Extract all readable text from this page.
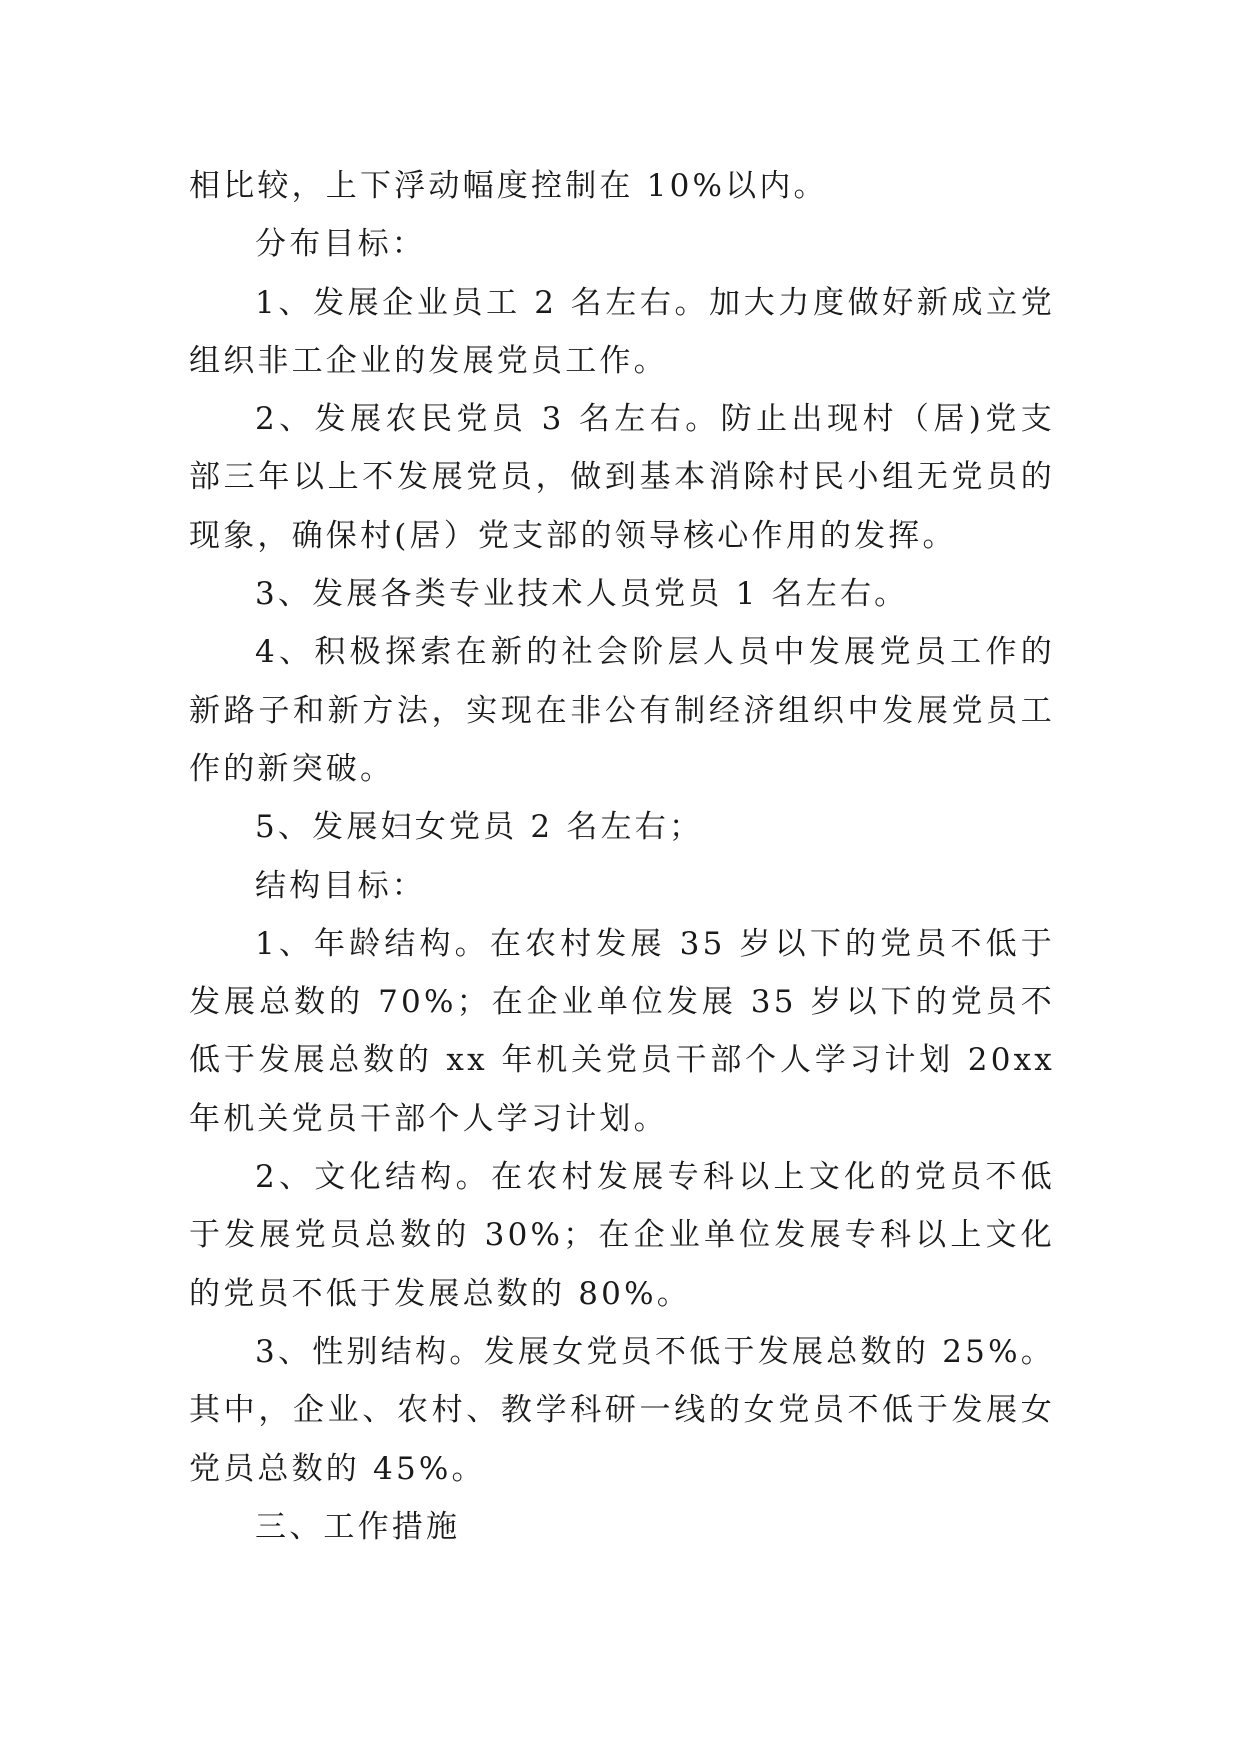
相比较，上下浮动幅度控制在 10%以内。

分布目标：

1、发展企业员工 2 名左右。加大力度做好新成立党组织非工企业的发展党员工作。

2、发展农民党员 3 名左右。防止出现村（居)党支部三年以上不发展党员，做到基本消除村民小组无党员的现象，确保村(居）党支部的领导核心作用的发挥。

3、发展各类专业技术人员党员 1 名左右。

4、积极探索在新的社会阶层人员中发展党员工作的新路子和新方法，实现在非公有制经济组织中发展党员工作的新突破。

5、发展妇女党员 2 名左右；

结构目标：

1、年龄结构。在农村发展 35 岁以下的党员不低于发展总数的 70%；在企业单位发展 35 岁以下的党员不低于发展总数的 xx 年机关党员干部个人学习计划 20xx 年机关党员干部个人学习计划。

2、文化结构。在农村发展专科以上文化的党员不低于发展党员总数的 30%；在企业单位发展专科以上文化的党员不低于发展总数的 80%。

3、性别结构。发展女党员不低于发展总数的 25%。其中，企业、农村、教学科研一线的女党员不低于发展女党员总数的 45%。

三、工作措施
